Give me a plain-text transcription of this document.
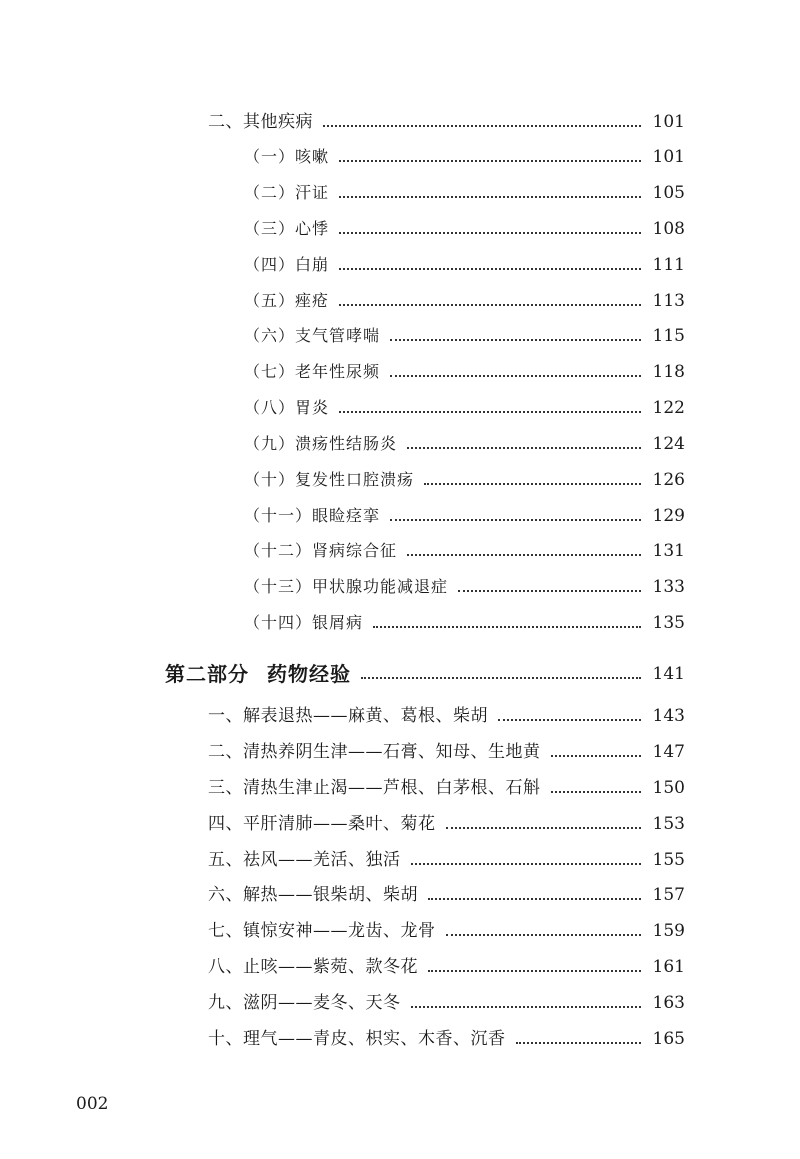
二、其他疾病	101
（一）咳嗽	101
（二）汗证	105
（三）心悸	108
（四）白崩	111
（五）痤疮	113
（六）支气管哮喘	115
（七）老年性尿频	118
（八）胃炎	122
（九）溃疡性结肠炎	124
（十）复发性口腔溃疡	126
（十一）眼睑痉挛	129
（十二）肾病综合征	131
（十三）甲状腺功能减退症	133
（十四）银屑病	135
第二部分 药物经验	141
一、解表退热——麻黄、葛根、柴胡	143
二、清热养阴生津——石膏、知母、生地黄	147
三、清热生津止渴——芦根、白茅根、石斛	150
四、平肝清肺——桑叶、菊花	153
五、祛风——羌活、独活	155
六、解热——银柴胡、柴胡	157
七、镇惊安神——龙齿、龙骨	159
八、止咳——紫菀、款冬花	161
九、滋阴——麦冬、天冬	163
十、理气——青皮、枳实、木香、沉香	165
002
